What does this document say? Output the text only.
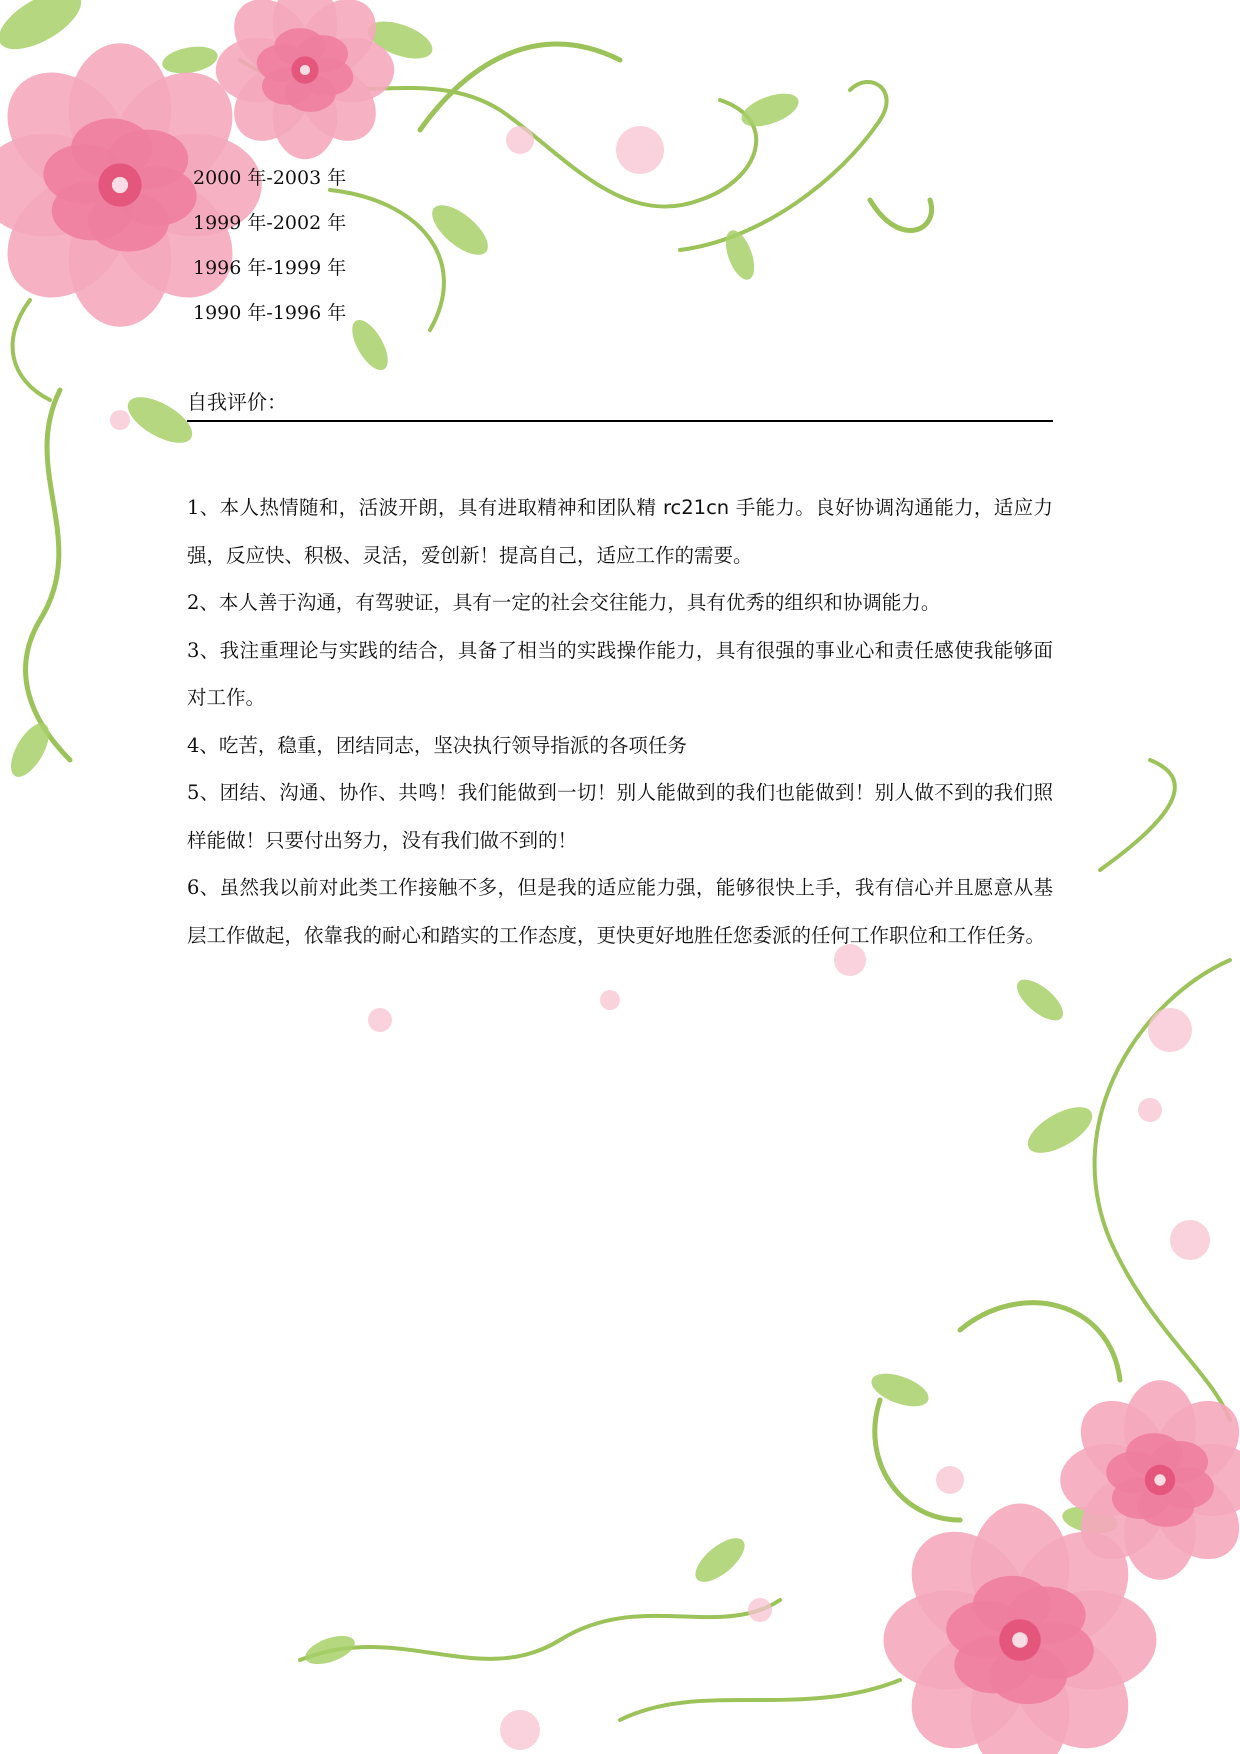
2000 年-2003 年
1999 年-2002 年
1996 年-1999 年
1990 年-1996 年
自我评价：
1、本人热情随和，活波开朗，具有进取精神和团队精 rc21cn 手能力。良好协调沟通能力，适应力强，反应快、积极、灵活，爱创新！提高自己，适应工作的需要。
2、本人善于沟通，有驾驶证，具有一定的社会交往能力，具有优秀的组织和协调能力。
3、我注重理论与实践的结合，具备了相当的实践操作能力，具有很强的事业心和责任感使我能够面对工作。
4、吃苦，稳重，团结同志，坚决执行领导指派的各项任务
5、团结、沟通、协作、共鸣！我们能做到一切！别人能做到的我们也能做到！别人做不到的我们照样能做！只要付出努力，没有我们做不到的！
6、虽然我以前对此类工作接触不多，但是我的适应能力强，能够很快上手，我有信心并且愿意从基层工作做起，依靠我的耐心和踏实的工作态度，更快更好地胜任您委派的任何工作职位和工作任务。
